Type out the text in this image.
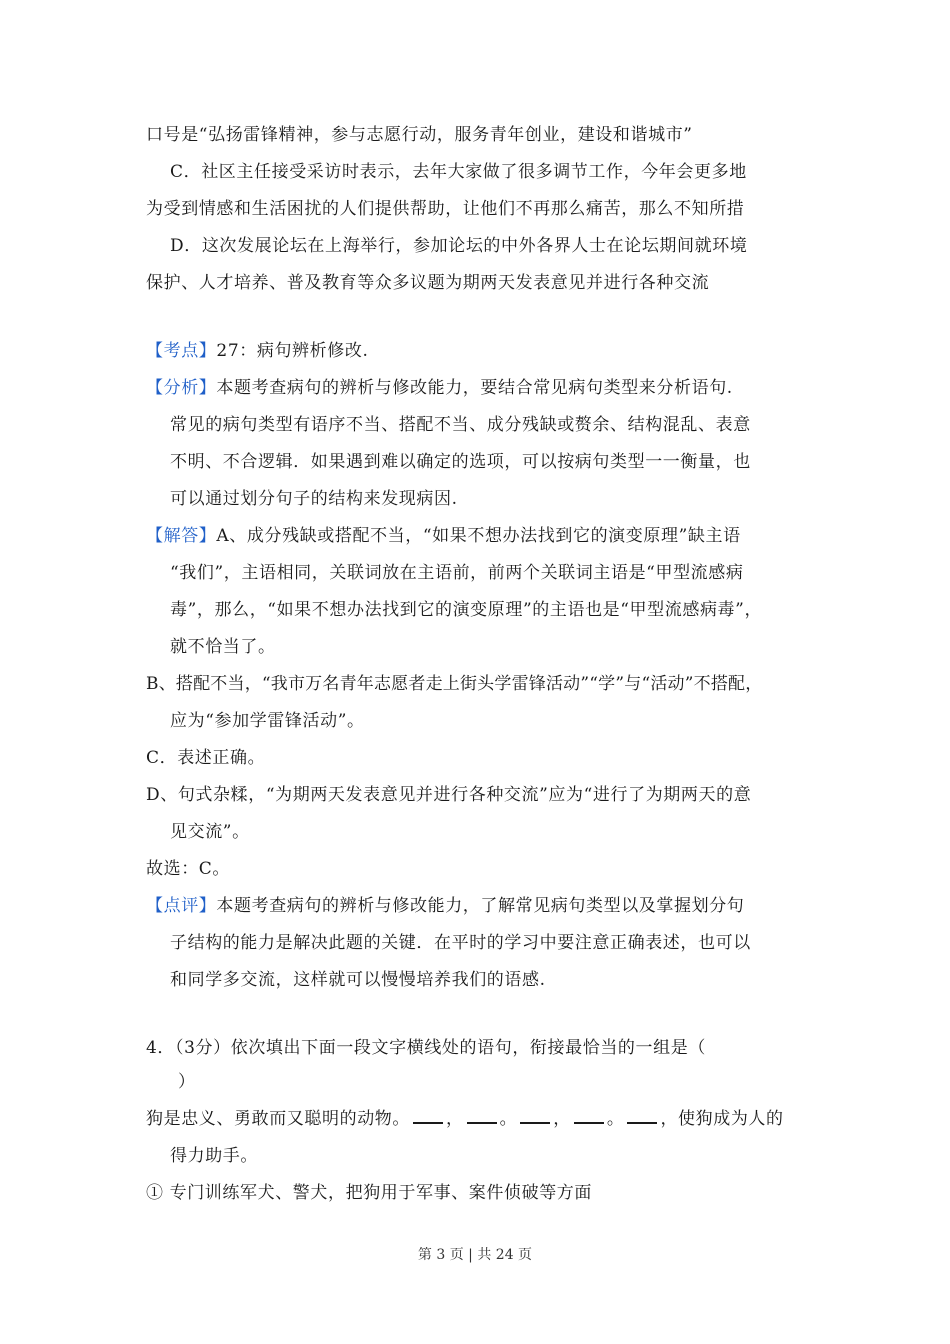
口号是“弘扬雷锋精神，参与志愿行动，服务青年创业，建设和谐城市”
C．社区主任接受采访时表示，去年大家做了很多调节工作，今年会更多地
为受到情感和生活困扰的人们提供帮助，让他们不再那么痛苦，那么不知所措
D．这次发展论坛在上海举行，参加论坛的中外各界人士在论坛期间就环境
保护、人才培养、普及教育等众多议题为期两天发表意见并进行各种交流
【考点】27：病句辨析修改.
【分析】本题考查病句的辨析与修改能力，要结合常见病句类型来分析语句.
常见的病句类型有语序不当、搭配不当、成分残缺或赘余、结构混乱、表意
不明、不合逻辑．如果遇到难以确定的选项，可以按病句类型一一衡量，也
可以通过划分句子的结构来发现病因.
【解答】A、成分残缺或搭配不当，“如果不想办法找到它的演变原理”缺主语
“我们”，主语相同，关联词放在主语前，前两个关联词主语是“甲型流感病
毒”，那么，“如果不想办法找到它的演变原理”的主语也是“甲型流感病毒”，
就不恰当了。
B、搭配不当，“我市万名青年志愿者走上街头学雷锋活动”“学”与“活动”不搭配，
应为“参加学雷锋活动”。
C．表述正确。
D、句式杂糅，“为期两天发表意见并进行各种交流”应为“进行了为期两天的意
见交流”。
故选：C。
【点评】本题考查病句的辨析与修改能力，了解常见病句类型以及掌握划分句
子结构的能力是解决此题的关键．在平时的学习中要注意正确表述，也可以
和同学多交流，这样就可以慢慢培养我们的语感.
4．（3分）依次填出下面一段文字横线处的语句，衔接最恰当的一组是（
）
狗是忠义、勇敢而又聪明的动物。 ， 。 ， 。 ，使狗成为人的
得力助手。
① 专门训练军犬、警犬，把狗用于军事、案件侦破等方面
第 3 页 | 共 24 页
